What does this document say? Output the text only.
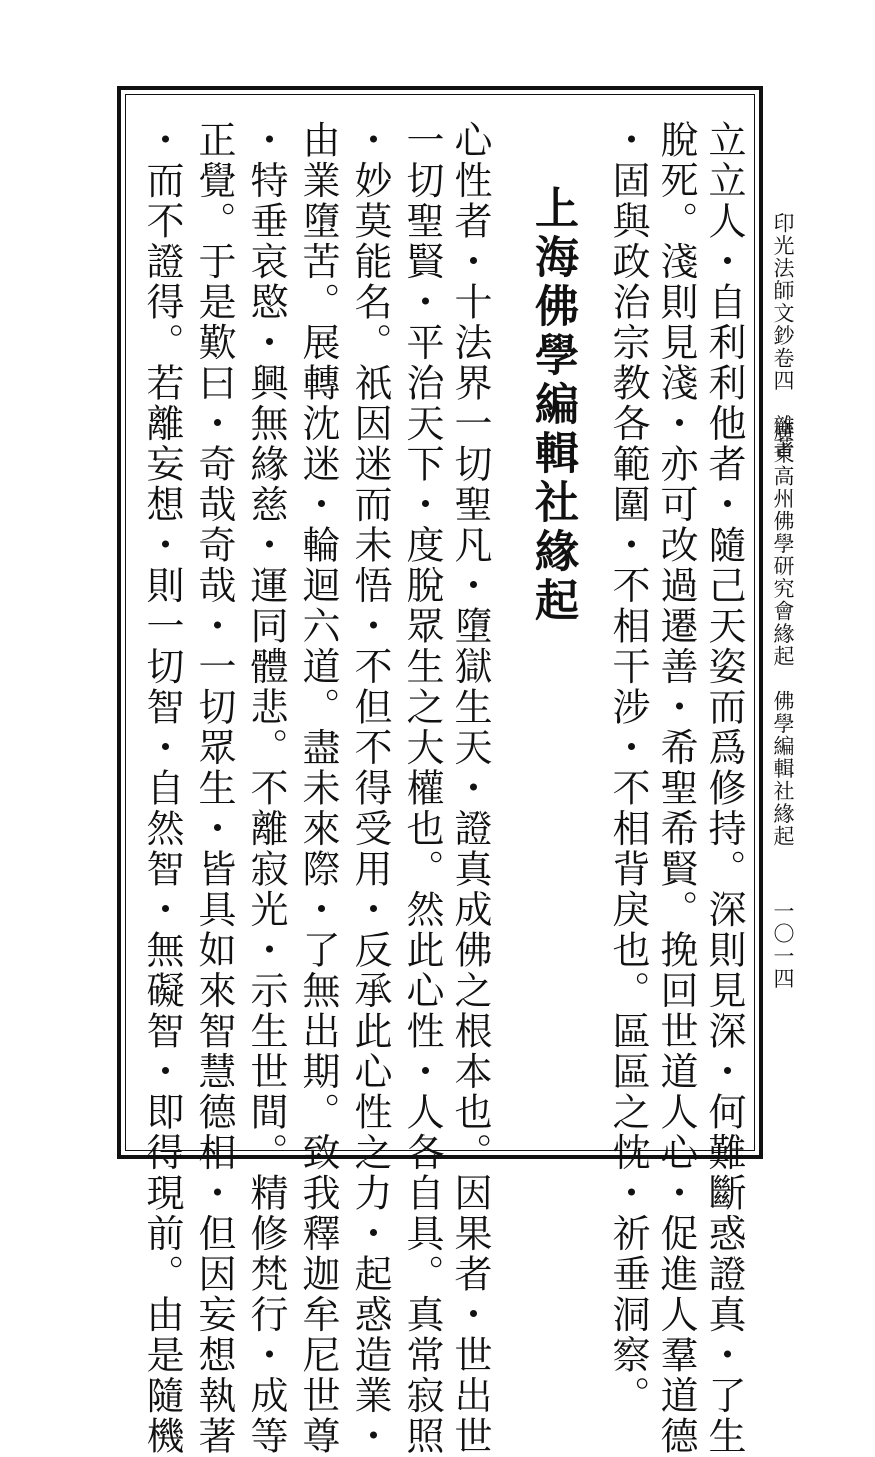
印光法師文鈔卷四　雜著
廣東高州佛學研究會緣起　佛學編輯社緣起
一〇一四
立立人・自利利他者・隨己天姿而爲修持。深則見深・何難斷惑證真・了生
脫死。淺則見淺・亦可改過遷善・希聖希賢。挽回世道人心・促進人羣道德
・固與政治宗教各範圍・不相干涉・不相背戾也。區區之忱・祈垂洞察。
上海佛學編輯社緣起
心性者・十法界一切聖凡・墮獄生天・證真成佛之根本也。因果者・世出世
一切聖賢・平治天下・度脫眾生之大權也。然此心性・人各自具。真常寂照
・妙莫能名。祇因迷而未悟・不但不得受用・反承此心性之力・起惑造業・
由業墮苦。展轉沈迷・輪迴六道。盡未來際・了無出期。致我釋迦牟尼世尊
・特垂哀愍・興無緣慈・運同體悲。不離寂光・示生世間。精修梵行・成等
正覺。于是歎曰・奇哉奇哉・一切眾生・皆具如來智慧德相・但因妄想執著
・而不證得。若離妄想・則一切智・自然智・無礙智・即得現前。由是隨機
